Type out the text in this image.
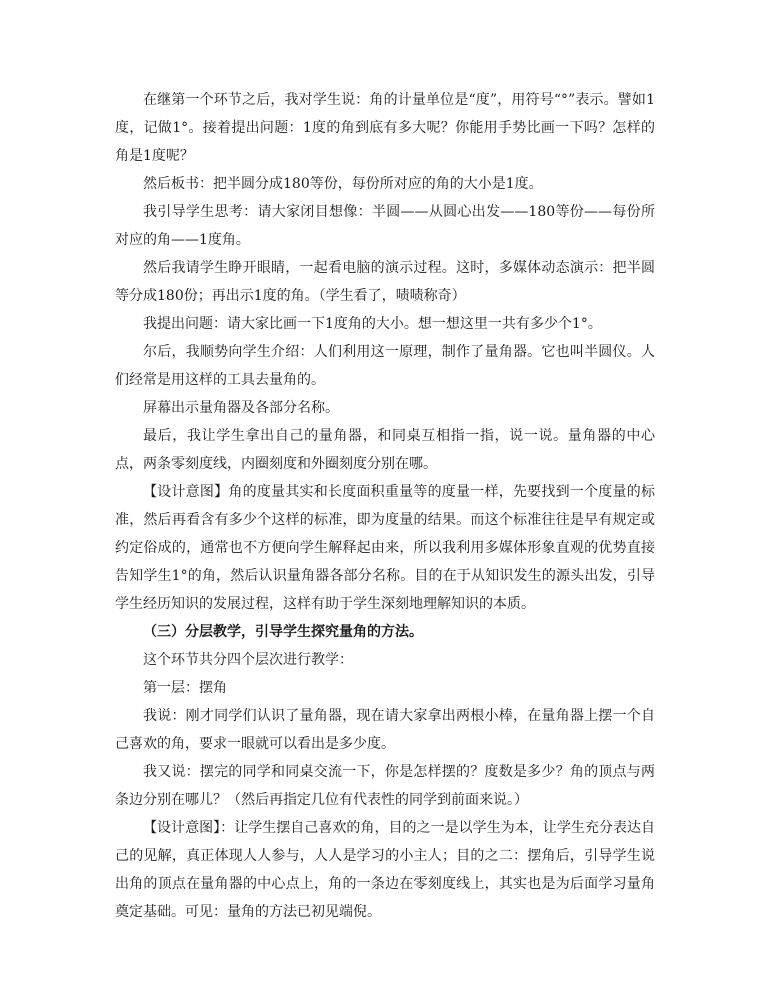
在继第一个环节之后，我对学生说：角的计量单位是“度”，用符号“°”表示。譬如1度，记做1°。接着提出问题：1度的角到底有多大呢？你能用手势比画一下吗？怎样的角是1度呢？

然后板书：把半圆分成180等份，每份所对应的角的大小是1度。

我引导学生思考：请大家闭目想像：半圆——从圆心出发——180等份——每份所对应的角——1度角。

然后我请学生睁开眼睛，一起看电脑的演示过程。这时，多媒体动态演示：把半圆等分成180份；再出示1度的角。（学生看了，啧啧称奇）

我提出问题：请大家比画一下1度角的大小。想一想这里一共有多少个1°。

尔后，我顺势向学生介绍：人们利用这一原理，制作了量角器。它也叫半圆仪。人们经常是用这样的工具去量角的。

屏幕出示量角器及各部分名称。

最后，我让学生拿出自己的量角器，和同桌互相指一指，说一说。量角器的中心点，两条零刻度线，内圈刻度和外圈刻度分别在哪。

【设计意图】角的度量其实和长度面积重量等的度量一样，先要找到一个度量的标准，然后再看含有多少个这样的标准，即为度量的结果。而这个标准往往是早有规定或约定俗成的，通常也不方便向学生解释起由来，所以我利用多媒体形象直观的优势直接告知学生1°的角，然后认识量角器各部分名称。目的在于从知识发生的源头出发，引导学生经历知识的发展过程，这样有助于学生深刻地理解知识的本质。

（三）分层教学，引导学生探究量角的方法。

这个环节共分四个层次进行教学：

第一层：摆角

我说：刚才同学们认识了量角器，现在请大家拿出两根小棒，在量角器上摆一个自己喜欢的角，要求一眼就可以看出是多少度。

我又说：摆完的同学和同桌交流一下，你是怎样摆的？度数是多少？角的顶点与两条边分别在哪儿？（然后再指定几位有代表性的同学到前面来说。）

【设计意图】：让学生摆自己喜欢的角，目的之一是以学生为本，让学生充分表达自己的见解，真正体现人人参与，人人是学习的小主人；目的之二：摆角后，引导学生说出角的顶点在量角器的中心点上，角的一条边在零刻度线上，其实也是为后面学习量角奠定基础。可见：量角的方法已初见端倪。
